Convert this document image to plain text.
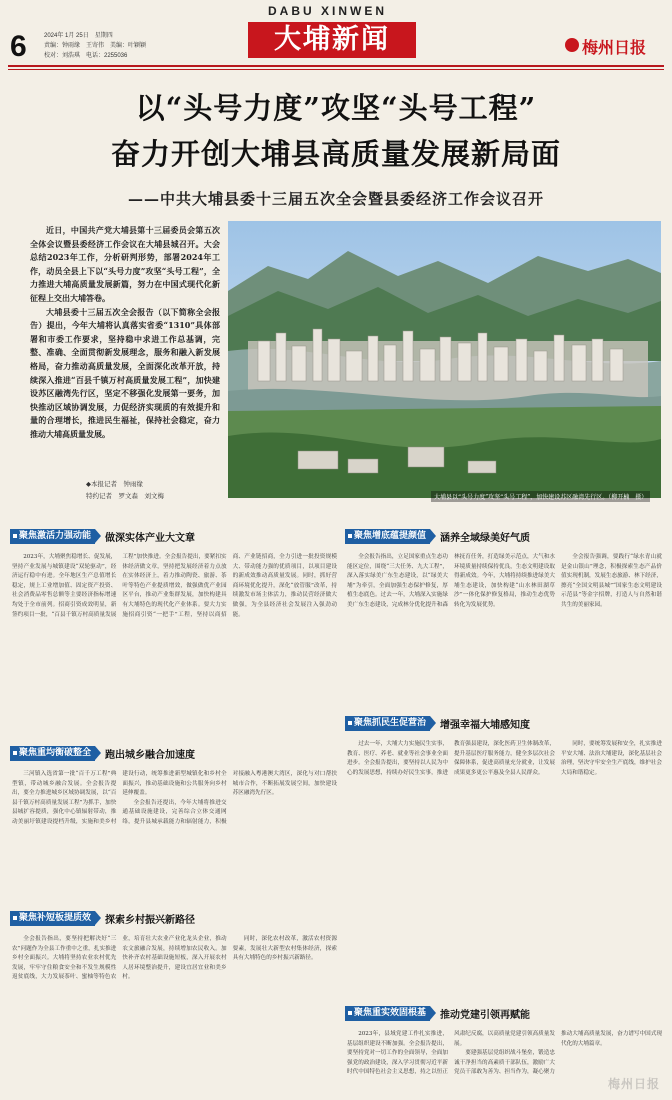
6	2024年 1月 25日　星期四
责编：钟雨缘　王寄伟　美编：叶颖颖
校对：刘浩琪　电话：2255036
DABU XINWEN
大埔新闻	梅州日报
以“头号力度”攻坚“头号工程”
奋力开创大埔县高质量发展新局面
——中共大埔县委十三届五次全会暨县委经济工作会议召开
近日，中国共产党大埔县第十三届委员会第五次全体会议暨县委经济工作会议在大埔县城召开。大会总结2023年工作，分析研判形势，部署2024年工作，动员全县上下以“头号力度”攻坚“头号工程”，全力推进大埔高质量发展新篇，努力在中国式现代化新征程上交出大埔答卷。
大埔县委十三届五次全会报告（以下简称全会报告）提出，今年大埔将认真落实省委“1310”具体部署和市委工作要求，坚持稳中求进工作总基调，完整、准确、全面贯彻新发展理念，服务和融入新发展格局，奋力推动高质量发展，全面深化改革开放，持续深入推进“百县千镇万村高质量发展工程”，加快建设苏区融湾先行区，坚定不移强化发展第一要务，加快推动区域协调发展，力促经济实现质的有效提升和量的合理增长，推进民生福祉，保持社会稳定，奋力推动大埔高质量发展。
◆本报记者　钟雨缘
特约记者　罗文森　刘文梅	大埔县以“头号力度”攻坚“头号工程”，加快建设苏区融湾先行区。（柳开楠　摄）
聚焦激活力强动能	做深实体产业大文章	聚焦增底蕴提颜值	涵养全域绿美好气质
聚焦重均衡破整全	跑出城乡融合加速度
聚焦抓民生促营治	增强幸福大埔感知度
聚焦补短板提质效	探索乡村振兴新路径
聚焦重实效固根基	推动党建引领再赋能
2023年，大埔聚焦稳增长、促发展，坚持产业发展与城镇建设“双轮驱动”，经济运行稳中有进。全年地区生产总值增长稳定，规上工业增加值、固定资产投资、社会消费品零售总额等主要经济指标增速均处于全市前列。招商引资成效明显，新签约项目一批，“百县千镇万村高质量发展工程”加快推进。全会报告提出，要紧扣实体经济做文章，坚持把发展经济着力点放在实体经济上，着力推动陶瓷、旅游、茶叶等特色产业提质增效，做强做优产业园区平台，推动产业集群发展，加快构建具有大埔特色的现代化产业体系。要大力实施招商引资“一把手”工程，坚持以商招商、产业链招商，全力引进一批投资规模大、带动能力强的优质项目，以项目建设的新成效推动高质量发展。同时，抓好营商环境优化提升，深化“放管服”改革，持续激发市场主体活力，推动民营经济做大做强，为全县经济社会发展注入强劲动能。
全会报告指出，立足国家重点生态功能区定位，围绕“三大任务、九大工程”，深入落实绿美广东生态建设，以“绿美大埔”为牵引，全面加强生态保护修复，厚植生态底色。过去一年，大埔深入实施绿美广东生态建设，完成林分优化提升和森林抚育任务，打造绿美示范点，大气和水环境质量持续保持优良，生态文明建设取得新成效。今年，大埔将持续推进绿美大埔生态建设，加快构建“山水林田湖草沙”一体化保护修复格局，推动生态优势转化为发展优势。
全会报告强调，要践行“绿水青山就是金山银山”理念，积极探索生态产品价值实现机制，发展生态旅游、林下经济，擦亮“全国文明县城”“国家生态文明建设示范县”等金字招牌，打造人与自然和谐共生的美丽家园。
三河镇入选省第一批“百千万工程”典型镇，带动城乡融合发展。全会报告提出，要全力推进城乡区域协调发展，以“百县千镇万村高质量发展工程”为抓手，加快县城扩容提质，强化中心镇辐射带动，推动美丽圩镇建设提档升级，实施和美乡村建设行动，统筹推进新型城镇化和乡村全面振兴，推动基础设施和公共服务向乡村延伸覆盖。
全会报告还提出，今年大埔将推进交通基础设施建设，完善综合立体交通网络，提升县城承载能力和辐射能力，积极对接融入粤港澳大湾区，深化与对口帮扶城市合作，不断拓展发展空间，加快建设苏区融湾先行区。
过去一年，大埔大力实施民生实事，教育、医疗、养老、就业等社会事业全面进步。全会报告提出，要坚持以人民为中心的发展思想，持续办好民生实事，推进教育强县建设，深化医药卫生体制改革，提升基层医疗服务能力，健全多层次社会保障体系，促进高质量充分就业，让发展成果更多更公平惠及全县人民群众。
同时，要统筹发展和安全，扎实推进平安大埔、法治大埔建设，深化基层社会治理，坚决守牢安全生产底线，维护社会大局和谐稳定。
全会报告指出，要坚持把解决好“三农”问题作为全县工作重中之重，扎实推进乡村全面振兴。大埔将坚持农业农村优先发展，牢牢守住粮食安全和不发生规模性返贫底线，大力发展茶叶、蜜柚等特色农业，培育壮大农业产业化龙头企业，推动农文旅融合发展，持续增加农民收入。加快补齐农村基础设施短板，深入开展农村人居环境整治提升，建设宜居宜业和美乡村。
同时，深化农村改革，激活农村资源要素，发展壮大新型农村集体经济，探索具有大埔特色的乡村振兴新路径。
2023年，县域党建工作扎实推进，基层组织建设不断加强。全会报告提出，要坚持党对一切工作的全面领导，全面加强党的政治建设，深入学习贯彻习近平新时代中国特色社会主义思想，持之以恒正风肃纪反腐，以高质量党建引领高质量发展。
要建强基层党组织战斗堡垒，锻造忠诚干净担当的高素质干部队伍，激励广大党员干部敢为善为、担当作为，凝心聚力推动大埔高质量发展，奋力谱写中国式现代化的大埔篇章。
梅州日报
